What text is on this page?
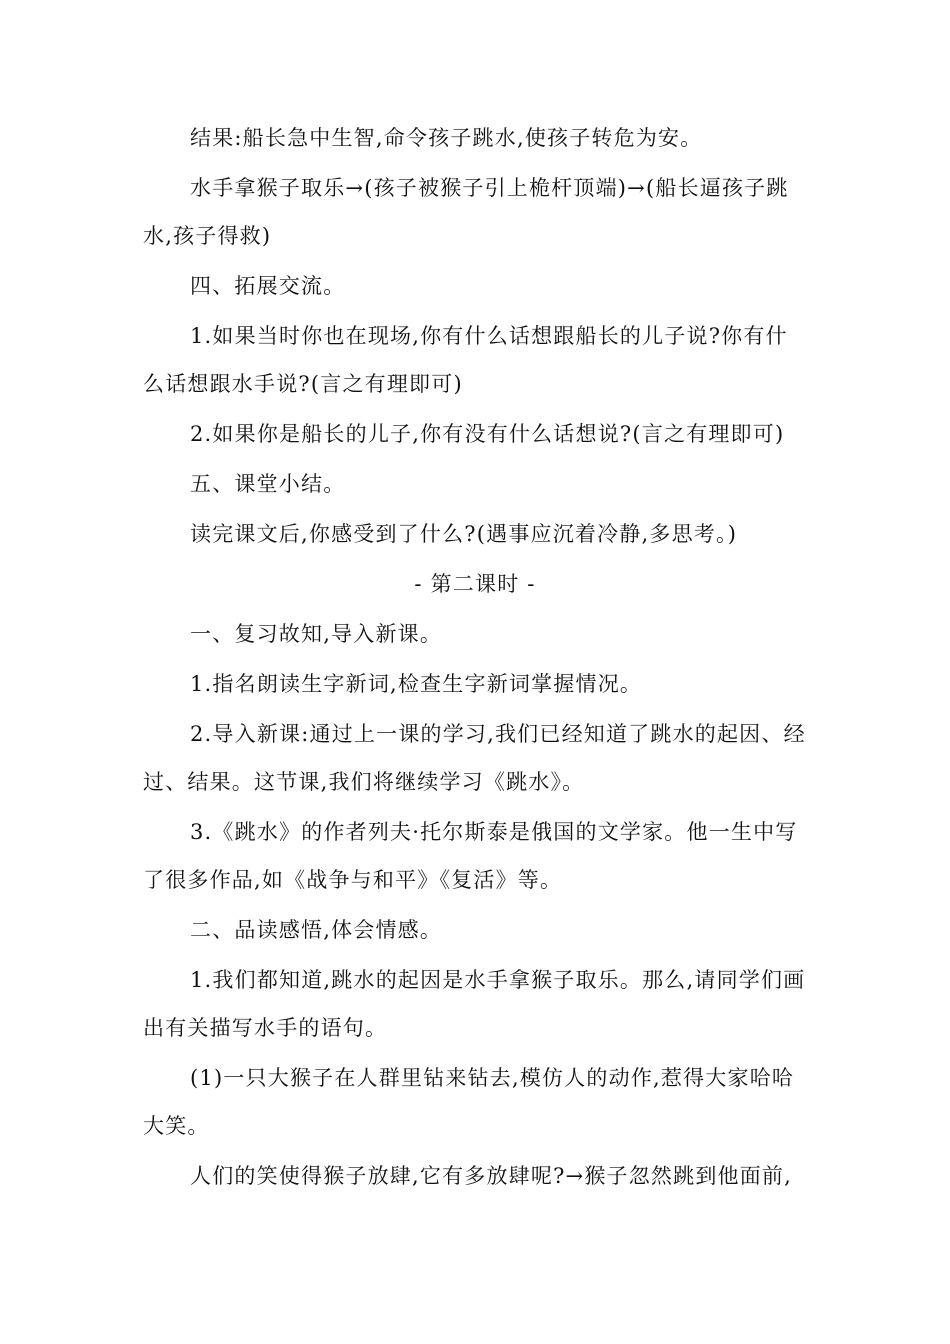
结果:船长急中生智,命令孩子跳水,使孩子转危为安。
水手拿猴子取乐→(孩子被猴子引上桅杆顶端)→(船长逼孩子跳
水,孩子得救)
四、拓展交流。
1.如果当时你也在现场,你有什么话想跟船长的儿子说?你有什
么话想跟水手说?(言之有理即可)
2.如果你是船长的儿子,你有没有什么话想说?(言之有理即可)
五、课堂小结。
读完课文后,你感受到了什么?(遇事应沉着冷静,多思考。)
- 第二课时 -
一、复习故知,导入新课。
1.指名朗读生字新词,检查生字新词掌握情况。
2.导入新课:通过上一课的学习,我们已经知道了跳水的起因、经
过、结果。这节课,我们将继续学习《跳水》。
3.《跳水》的作者列夫·托尔斯泰是俄国的文学家。他一生中写
了很多作品,如《战争与和平》《复活》等。
二、品读感悟,体会情感。
1.我们都知道,跳水的起因是水手拿猴子取乐。那么,请同学们画
出有关描写水手的语句。
(1)一只大猴子在人群里钻来钻去,模仿人的动作,惹得大家哈哈
大笑。
人们的笑使得猴子放肆,它有多放肆呢?→猴子忽然跳到他面前,
